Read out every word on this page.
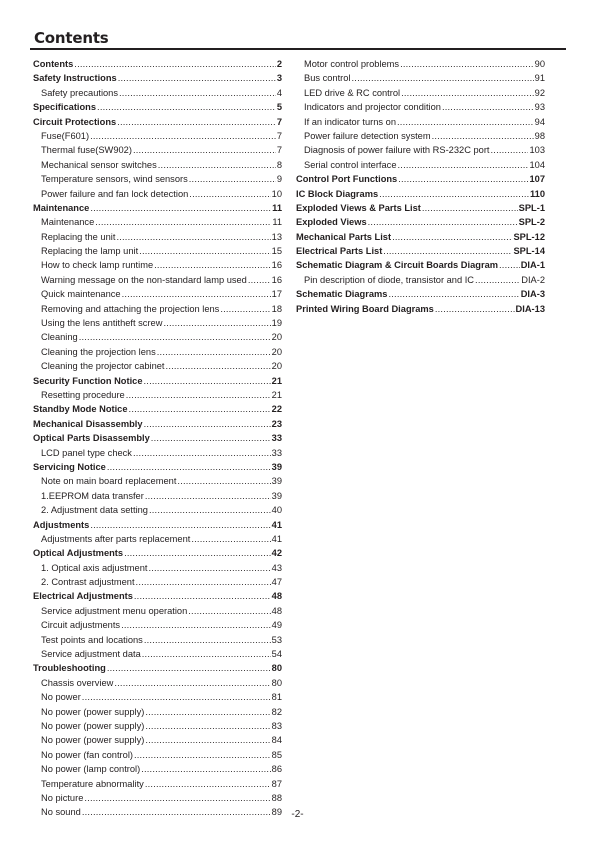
Contents
Contents .....	2
Safety Instructions .....	3
Safety precautions .....	4
Specifications .....	5
Circuit Protections .....	7
Fuse(F601) .....	7
Thermal fuse(SW902) .....	7
Mechanical sensor switches .....	8
Temperature sensors, wind sensors .....	9
Power failure and fan lock detection .....	10
Maintenance .....	11
Maintenance .....	11
Replacing the unit .....	13
Replacing the lamp unit .....	15
How to check lamp runtime .....	16
Warning message on the non-standard lamp used .....	16
Quick maintenance .....	17
Removing and attaching the projection lens .....	18
Using the lens antitheft screw .....	19
Cleaning .....	20
Cleaning the projection lens .....	20
Cleaning the projector cabinet .....	20
Security Function Notice .....	21
Resetting procedure .....	21
Standby Mode Notice .....	22
Mechanical Disassembly .....	23
Optical Parts Disassembly .....	33
LCD panel type check .....	33
Servicing Notice .....	39
Note on main board replacement .....	39
1.EEPROM data transfer .....	39
2. Adjustment data setting .....	40
Adjustments .....	41
Adjustments after parts replacement .....	41
Optical Adjustments .....	42
1. Optical axis adjustment .....	43
2. Contrast adjustment .....	47
Electrical Adjustments .....	48
Service adjustment menu operation .....	48
Circuit adjustments .....	49
Test points and locations .....	53
Service adjustment data .....	54
Troubleshooting .....	80
Chassis overview .....	80
No power .....	81
No power (power supply) .....	82
No power (power supply) .....	83
No power (power supply) .....	84
No power (fan control) .....	85
No power (lamp control) .....	86
Temperature abnormality .....	87
No picture .....	88
No sound .....	89
Motor control problems .....	90
Bus control .....	91
LED drive & RC control .....	92
Indicators and projector condition .....	93
If an indicator turns on .....	94
Power failure detection system .....	98
Diagnosis of power failure with RS-232C port .....	103
Serial control interface .....	104
Control Port Functions .....	107
IC Block Diagrams .....	110
Exploded Views & Parts List .....	SPL-1
Exploded Views .....	SPL-2
Mechanical Parts List .....	SPL-12
Electrical Parts List .....	SPL-14
Schematic Diagram & Circuit Boards Diagram ..... DIA-1
Pin description of diode, transistor and IC .....	DIA-2
Schematic Diagrams .....	DIA-3
Printed Wiring Board Diagrams .....	DIA-13
-2-
